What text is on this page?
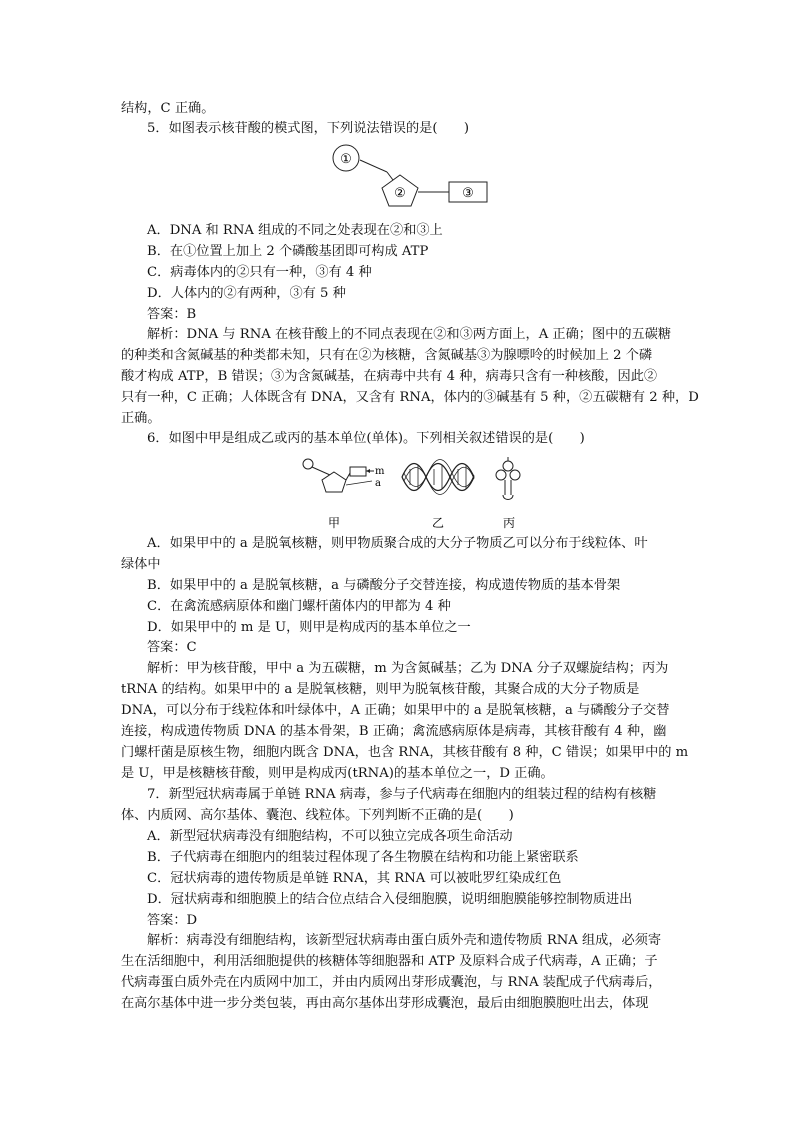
结构，C 正确。
5．如图表示核苷酸的模式图，下列说法错误的是(　　)
①
②	③
A．DNA 和 RNA 组成的不同之处表现在②和③上
B．在①位置上加上 2 个磷酸基团即可构成 ATP
C．病毒体内的②只有一种，③有 4 种
D．人体内的②有两种，③有 5 种
答案：B
解析：DNA 与 RNA 在核苷酸上的不同点表现在②和③两方面上，A 正确；图中的五碳糖
的种类和含氮碱基的种类都未知，只有在②为核糖，含氮碱基③为腺嘌呤的时候加上 2 个磷
酸才构成 ATP，B 错误；③为含氮碱基，在病毒中共有 4 种，病毒只含有一种核酸，因此②
只有一种，C 正确；人体既含有 DNA，又含有 RNA，体内的③碱基有 5 种，②五碳糖有 2 种，D
正确。
6．如图中甲是组成乙或丙的基本单位(单体)。下列相关叙述错误的是(　　)
m
a
甲	乙	丙
A．如果甲中的 a 是脱氧核糖，则甲物质聚合成的大分子物质乙可以分布于线粒体、叶
绿体中
B．如果甲中的 a 是脱氧核糖，a 与磷酸分子交替连接，构成遗传物质的基本骨架
C．在禽流感病原体和幽门螺杆菌体内的甲都为 4 种
D．如果甲中的 m 是 U，则甲是构成丙的基本单位之一
答案：C
解析：甲为核苷酸，甲中 a 为五碳糖，m 为含氮碱基；乙为 DNA 分子双螺旋结构；丙为
tRNA 的结构。如果甲中的 a 是脱氧核糖，则甲为脱氧核苷酸，其聚合成的大分子物质是
DNA，可以分布于线粒体和叶绿体中，A 正确；如果甲中的 a 是脱氧核糖，a 与磷酸分子交替
连接，构成遗传物质 DNA 的基本骨架，B 正确；禽流感病原体是病毒，其核苷酸有 4 种，幽
门螺杆菌是原核生物，细胞内既含 DNA，也含 RNA，其核苷酸有 8 种，C 错误；如果甲中的 m
是 U，甲是核糖核苷酸，则甲是构成丙(tRNA)的基本单位之一，D 正确。
7．新型冠状病毒属于单链 RNA 病毒，参与子代病毒在细胞内的组装过程的结构有核糖
体、内质网、高尔基体、囊泡、线粒体。下列判断不正确的是(　　)
A．新型冠状病毒没有细胞结构，不可以独立完成各项生命活动
B．子代病毒在细胞内的组装过程体现了各生物膜在结构和功能上紧密联系
C．冠状病毒的遗传物质是单链 RNA，其 RNA 可以被吡罗红染成红色
D．冠状病毒和细胞膜上的结合位点结合入侵细胞膜，说明细胞膜能够控制物质进出
答案：D
解析：病毒没有细胞结构，该新型冠状病毒由蛋白质外壳和遗传物质 RNA 组成，必须寄
生在活细胞中，利用活细胞提供的核糖体等细胞器和 ATP 及原料合成子代病毒，A 正确；子
代病毒蛋白质外壳在内质网中加工，并由内质网出芽形成囊泡，与 RNA 装配成子代病毒后，
在高尔基体中进一步分类包装，再由高尔基体出芽形成囊泡，最后由细胞膜胞吐出去，体现
